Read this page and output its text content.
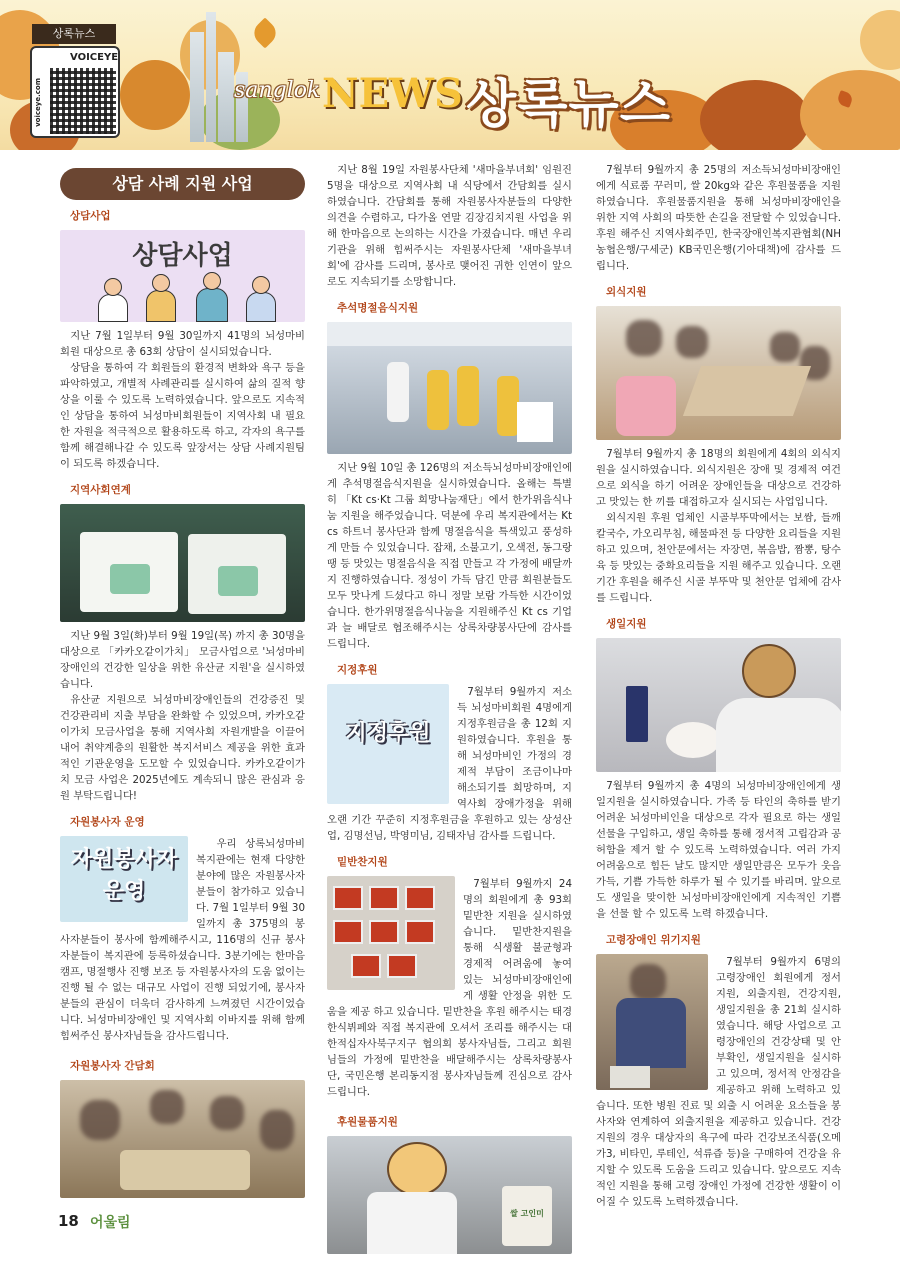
상록뉴스
VOICEYE
voiceye.com	sanglok NEWS 상록뉴스
상담 사례 지원 사업
상담사업
상담사업

지난 7월 1일부터 9월 30일까지 41명의 뇌성마비 회원 대상으로 총 63회 상담이 실시되었습니다.

상담을 통하여 각 회원들의 환경적 변화와 욕구 등을 파악하였고, 개별적 사례관리를 실시하여 삶의 질적 향상을 이룰 수 있도록 노력하였습니다. 앞으로도 지속적인 상담을 통하여 뇌성마비회원들이 지역사회 내 필요한 자원을 적극적으로 활용하도록 하고, 각자의 욕구를 함께 해결해나갈 수 있도록 앞장서는 상담 사례지원팀이 되도록 하겠습니다.

지역사회연계

지난 9월 3일(화)부터 9월 19일(목) 까지 총 30명을 대상으로 「카카오같이가치」 모금사업으로 '뇌성마비장애인의 건강한 일상을 위한 유산균 지원'을 실시하였습니다.

유산균 지원으로 뇌성마비장애인들의 건강증진 및 건강관리비 지출 부담을 완화할 수 있었으며, 카카오같이가치 모금사업을 통해 지역사회 자원개발을 이끌어내어 취약계층의 원활한 복지서비스 제공을 위한 효과적인 기관운영을 도모할 수 있었습니다. 카카오같이가치 모금 사업은 2025년에도 계속되니 많은 관심과 응원 부탁드립니다!

자원봉사자 운영
자원봉사자
운영

우리 상록뇌성마비복지관에는 현재 다양한 분야에 많은 자원봉사자 분들이 참가하고 있습니다. 7월 1일부터 9월 30일까지 총 375명의 봉사자분들이 봉사에 함께해주시고, 116명의 신규 봉사자분들이 복지관에 등록하셨습니다. 3분기에는 한마음 캠프, 명절행사 진행 보조 등 자원봉사자의 도움 없이는 진행 될 수 없는 대규모 사업이 진행 되었기에, 봉사자분들의 관심이 더욱더 감사하게 느껴졌던 시간이었습니다. 뇌성마비장애인 및 지역사회 이바지를 위해 함께 힘써주신 봉사자님들을 감사드립니다.

자원봉사자 간담회

지난 8월 19일 자원봉사단체 '새마을부녀회' 임원진 5명을 대상으로 지역사회 내 식당에서 간담회를 실시하였습니다. 간담회를 통해 자원봉사자분들의 다양한 의견을 수렴하고, 다가올 연말 김장김치지원 사업을 위해 한마음으로 논의하는 시간을 가졌습니다. 매년 우리 기관을 위해 힘써주시는 자원봉사단체 '새마을부녀회'에 감사를 드리며, 봉사로 맺어진 귀한 인연이 앞으로도 지속되기를 소망합니다.

추석명절음식지원

지난 9월 10일 총 126명의 저소득뇌성마비장애인에게 추석명절음식지원을 실시하였습니다. 올해는 특별히 「Kt cs·Kt 그룹 희망나눔재단」에서 한가위음식나눔 지원을 해주었습니다. 덕분에 우리 복지관에서는 Kt cs 하트너 봉사단과 함께 명절음식을 특색있고 풍성하게 만들 수 있었습니다. 잡채, 소불고기, 오색전, 동그랑땡 등 맛있는 명절음식을 직접 만들고 각 가정에 배달까지 진행하였습니다. 정성이 가득 담긴 만큼 회원분들도 모두 맛나게 드셨다고 하니 정말 보람 가득한 시간이었습니다. 한가위명절음식나눔을 지원해주신 Kt cs 기업과 늘 배달로 협조해주시는 상록차량봉사단에 감사를 드립니다.

지정후원
지정후원

7월부터 9월까지 저소득 뇌성마비회원 4명에게 지정후원금을 총 12회 지원하였습니다. 후원을 통해 뇌성마비인 가정의 경제적 부담이 조금이나마 해소되기를 희망하며, 지역사회 장애가정을 위해 오랜 기간 꾸준히 지정후원금을 후원하고 있는 상성산업, 김명선님, 박영미님, 김태자님 감사를 드립니다.

밑반찬지원

7월부터 9월까지 24명의 회원에게 총 93회 밑반찬 지원을 실시하였습니다. 밑반찬지원을 통해 식생활 불균형과 경제적 어려움에 놓여 있는 뇌성마비장애인에게 생활 안정을 위한 도움을 제공 하고 있습니다. 밑반찬을 후원 해주시는 태경한식뷔페와 직접 복지관에 오셔서 조리를 해주시는 대한적십자사북구지구 협의회 봉사자님들, 그리고 회원님들의 가정에 밑반찬을 배달해주시는 상록차량봉사단, 국민은행 본리동지점 봉사자님들께 진심으로 감사드립니다.

후원물품지원
쌀 고인미

7월부터 9월까지 총 25명의 저소득뇌성마비장애인에게 식료품 꾸러미, 쌀 20kg와 같은 후원물품을 지원하였습니다. 후원물품지원을 통해 뇌성마비장애인을 위한 지역 사회의 따뜻한 손길을 전달할 수 있었습니다. 후원 해주신 지역사회주민, 한국장애인복지관협회(NH농협은행/구세군) KB국민은행(기아대책)에 감사를 드립니다.

외식지원

7월부터 9월까지 총 18명의 회원에게 4회의 외식지원을 실시하였습니다. 외식지원은 장애 및 경제적 여건으로 외식을 하기 어려운 장애인들을 대상으로 건강하고 맛있는 한 끼를 대접하고자 실시되는 사업입니다.

외식지원 후원 업체인 시골부뚜막에서는 보쌈, 들깨칼국수, 가오리무침, 해물파전 등 다양한 요리들을 지원하고 있으며, 천안문에서는 자장면, 볶음밥, 짬뽕, 탕수육 등 맛있는 중화요리들을 지원 해주고 있습니다. 오랜 기간 후원을 해주신 시골 부뚜막 및 천안문 업체에 감사를 드립니다.

생일지원

7월부터 9월까지 총 4명의 뇌성마비장애인에게 생일지원을 실시하였습니다. 가족 등 타인의 축하를 받기 어려운 뇌성마비인을 대상으로 각자 필요로 하는 생일선물을 구입하고, 생일 축하를 통해 정서적 고립감과 공허함을 제거 할 수 있도록 노력하였습니다. 여러 가지 어려움으로 힘든 날도 많지만 생일만큼은 모두가 웃음 가득, 기쁨 가득한 하루가 될 수 있기를 바리며. 앞으로도 생일을 맞이한 뇌성마비장애인에게 지속적인 기쁨을 선물 할 수 있도록 노력 하겠습니다.

고령장애인 위기지원

7월부터 9월까지 6명의 고령장애인 회원에게 정서지원, 외출지원, 건강지원, 생일지원을 총 21회 실시하였습니다. 해당 사업으로 고령장애인의 건강상태 및 안부확인, 생일지원을 실시하고 있으며, 정서적 안정감을 제공하고 위해 노력하고 있습니다. 또한 병원 진료 및 외출 시 어려운 요소들을 봉사자와 연계하여 외출지원을 제공하고 있습니다. 건강지원의 경우 대상자의 욕구에 따라 건강보조식품(오메가3, 비타민, 루테인, 석류즙 등)을 구매하여 건강을 유지할 수 있도록 도움을 드리고 있습니다. 앞으로도 지속적인 지원을 통해 고령 장애인 가정에 건강한 생활이 이어질 수 있도록 노력하겠습니다.

18 어울림
